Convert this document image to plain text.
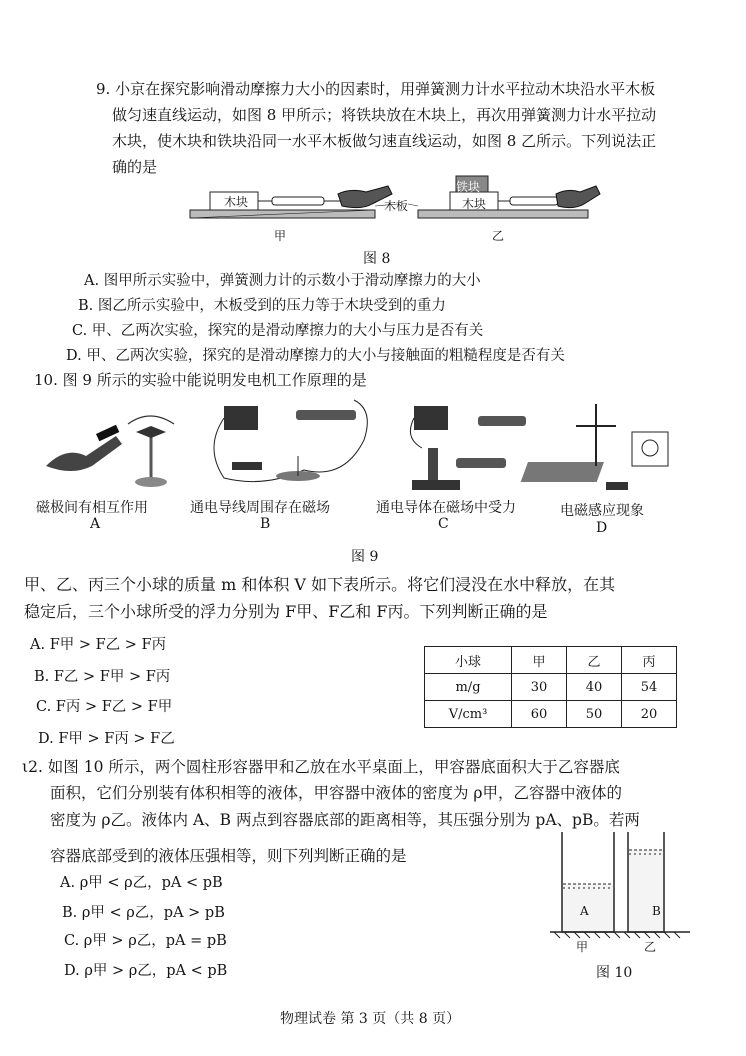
9. 小京在探究影响滑动摩擦力大小的因素时，用弹簧测力计水平拉动木块沿水平木板
做匀速直线运动，如图 8 甲所示；将铁块放在木块上，再次用弹簧测力计水平拉动
木块，使木块和铁块沿同一水平木板做匀速直线运动，如图 8 乙所示。下列说法正
确的是
木块
铁块
木块
木板
甲	乙
图 8
A. 图甲所示实验中，弹簧测力计的示数小于滑动摩擦力的大小
B. 图乙所示实验中，木板受到的压力等于木块受到的重力
C. 甲、乙两次实验，探究的是滑动摩擦力的大小与压力是否有关
D. 甲、乙两次实验，探究的是滑动摩擦力的大小与接触面的粗糙程度是否有关
10. 图 9 所示的实验中能说明发电机工作原理的是
磁极间有相互作用
A
通电导线周围存在磁场
B
通电导体在磁场中受力
C
电磁感应现象
D
图 9
甲、乙、丙三个小球的质量 m 和体积 V 如下表所示。将它们浸没在水中释放，在其
稳定后，三个小球所受的浮力分别为 F甲、F乙和 F丙。下列判断正确的是
A. F甲 > F乙 > F丙
B. F乙 > F甲 > F丙
C. F丙 > F乙 > F甲
D. F甲 > F丙 > F乙
小球	甲	乙	丙
m/g	30	40	54
V/cm³	60	50	20
ι2. 如图 10 所示，两个圆柱形容器甲和乙放在水平桌面上，甲容器底面积大于乙容器底
面积，它们分别装有体积相等的液体，甲容器中液体的密度为 ρ甲，乙容器中液体的
密度为 ρ乙。液体内 A、B 两点到容器底部的距离相等，其压强分别为 pA、pB。若两
容器底部受到的液体压强相等，则下列判断正确的是
A. ρ甲 < ρ乙，pA < pB
B. ρ甲 < ρ乙，pA > pB
C. ρ甲 > ρ乙，pA = pB
D. ρ甲 > ρ乙，pA < pB
A	B
甲	乙
图 10
物理试卷 第 3 页（共 8 页）
